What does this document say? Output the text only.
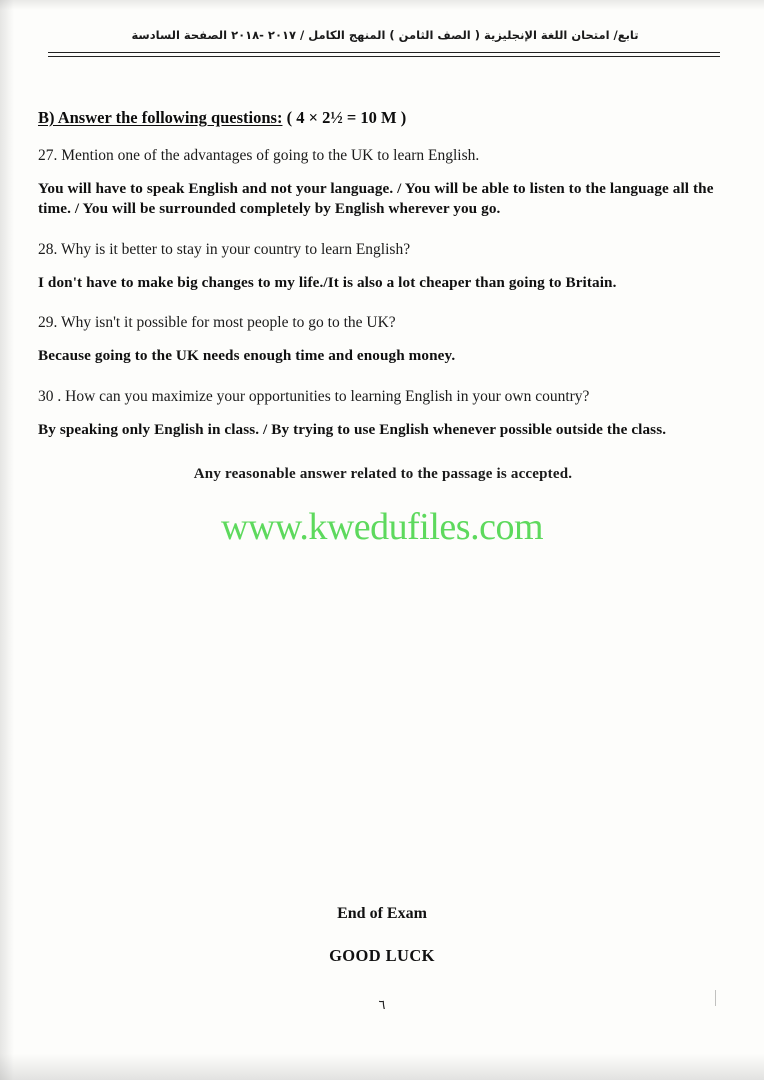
تابع/ امتحان اللغة الإنجليزية ( الصف الثامن ) المنهج الكامل / ٢٠١٧ -٢٠١٨ الصفحة السادسة
B) Answer the following questions: ( 4 × 2½ = 10 M )

27. Mention one of the advantages of going to the UK to learn English.

You will have to speak English and not your language. / You will be able to listen to the language all the time. / You will be surrounded completely by English wherever you go.

28. Why is it better to stay in your country to learn English?

I don't have to make big changes to my life./It is also a lot cheaper than going to Britain.

29. Why isn't it possible for most people to go to the UK?

Because going to the UK needs enough time and enough money.

30 . How can you maximize your opportunities to learning English in your own country?

By speaking only English in class. / By trying to use English whenever possible outside the class.

Any reasonable answer related to the passage is accepted.
www.kwedufiles.com
End of Exam
GOOD LUCK
٦
